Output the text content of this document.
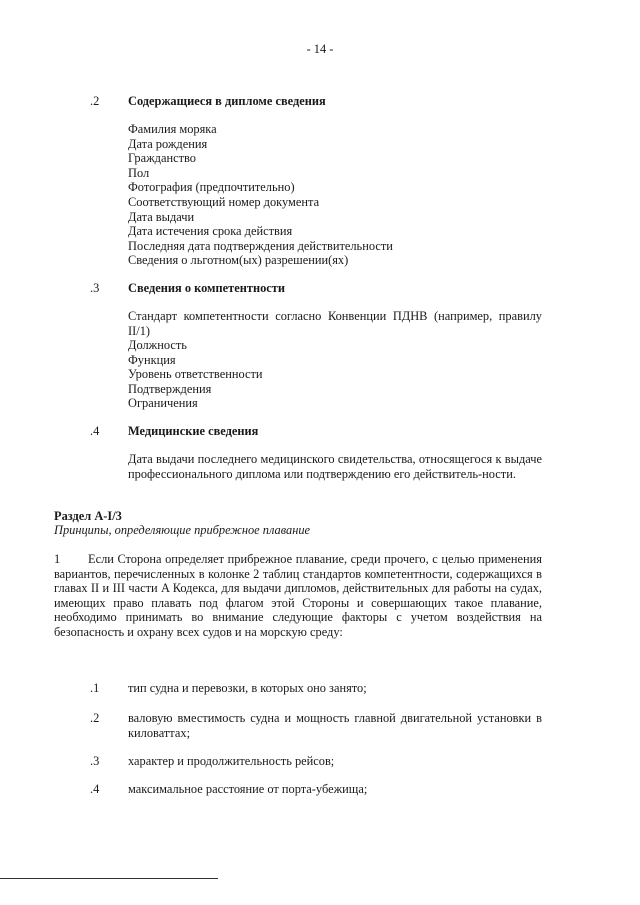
- 14 -
.2 Содержащиеся в дипломе сведения
Фамилия моряка
Дата рождения
Гражданство
Пол
Фотография (предпочтительно)
Соответствующий номер документа
Дата выдачи
Дата истечения срока действия
Последняя дата подтверждения действительности
Сведения о льготном(ых) разрешении(ях)
.3 Сведения о компетентности
Стандарт компетентности согласно Конвенции ПДНВ (например, правилу II/1)
Должность
Функция
Уровень ответственности
Подтверждения
Ограничения
.4 Медицинские сведения
Дата выдачи последнего медицинского свидетельства, относящегося к выдаче профессионального диплома или подтверждению его действитель-ности.
Раздел A-I/3
Принципы, определяющие прибрежное плавание
1	Если Сторона определяет прибрежное плавание, среди прочего, с целью применения вариантов, перечисленных в колонке 2 таблиц стандартов компетентности, содержащихся в главах II и III части A Кодекса, для выдачи дипломов, действительных для работы на судах, имеющих право плавать под флагом этой Стороны и совершающих такое плавание, необходимо принимать во внимание следующие факторы с учетом воздействия на безопасность и охрану всех судов и на морскую среду:
.1 тип судна и перевозки, в которых оно занято;
.2 валовую вместимость судна и мощность главной двигательной установки в киловаттах;
.3 характер и продолжительность рейсов;
.4 максимальное расстояние от порта-убежища;
